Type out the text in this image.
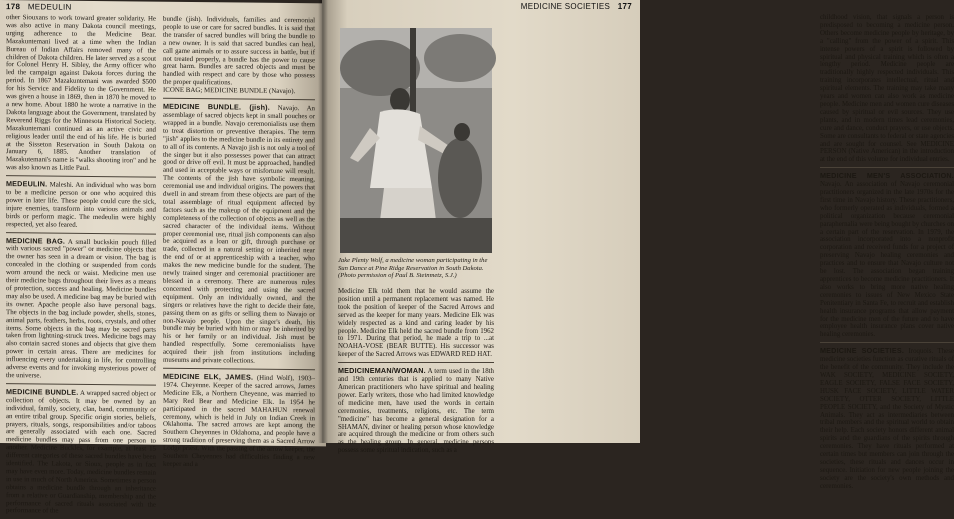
178 MEDEULIN

other Siouxans to work toward greater solidarity. He was also active in many Dakota council meetings, urging adherence to the Medicine Bear. Mazakuntemani lived at a time when the Indian Bureau of Indian Affairs removed many of the children of Dakota children. He later served as a scout for Colonel Henry H. Sibley, the Army officer who led the campaign against Dakota forces during the period. In 1867 Mazakuntemani was awarded $500 for his Service and Fidelity to the Government. He was given a house in 1869, then in 1870 he moved to a new home. About 1880 he wrote a narrative in the Dakota language about the Government, translated by Reverend Riggs for the Minnesota Historical Society. Mazakuntemani continued as an active civic and religious leader until the end of his life. He is buried at the Sisseton Reservation in South Dakota on January 6, 1885. Another translation of Mazakutemani's name is "walks shooting iron" and he was also known as Little Paul.

MEDEULIN. Maleshi. An individual who was born to be a medicine person or one who acquired this power in later life. These people could cure the sick, injure enemies, transform into various animals and birds or perform magic. The medeulin were highly respected, yet also feared.

MEDICINE BAG. A small buckskin pouch filled with various sacred "power" or medicine objects that the owner has seen in a dream or vision. The bag is concealed in the clothing or suspended from cords worn around the neck or waist. Medicine men use their medicine bags throughout their lives as a means of protection, success and healing. Medicine bundles may also be used. A medicine bag may be buried with its owner. Apache people also have personal bags. The objects in the bag include powder, shells, stones, animal parts, feathers, herbs, roots, crystals, and other items. Some objects in the bag may be sacred parts taken from lightning-struck trees. Medicine bags may also contain sacred stones and objects that give them power in certain areas. There are medicines for influencing every undertaking in life, for controlling adverse events and for invoking mysterious power of the universe.

MEDICINE BUNDLE. A wrapped sacred object or collection of objects. It may be owned by an individual, family, society, clan, band, community or an entire tribal group. Specific origin stories, beliefs, prayers, rituals, songs, responsibilities and/or taboos are generally associated with each one. Sacred medicine bundles may pass from one person to another. Medicine Buckles, for example, at least 15 different categories of these sacred bundles have been identified. The Lakota, or Sioux, people as in fact may have even more. Today, medicine bundles remain in use in much of North America. Sometimes a person obtains a medicine bundle through an inheritance from a relative or Guardianship, membership and the performance of sacred rituals associated with the performance of the

bundle (jish). Individuals, families and ceremonial people to use or care for sacred bundles. It is said that the transfer of sacred bundles will bring the bundle to a new owner. It is said that sacred bundles can heal, call game animals or to assure success in battle, but if not treated properly, a bundle has the power to cause great harm. Bundles are sacred objects and must be handled with respect and care by those who possess the proper qualifications.

ICONE BAG; MEDICINE BUNDLE (Navajo).

MEDICINE BUNDLE. (jish). Navajo. An assemblage of sacred objects kept in small pouches or wrapped in a bundle. Navajo ceremonialists use them to treat distortion or preventive therapies. The term "jish" applies to the medicine bundle in its entirety and to all of its contents. A Navajo jish is not only a tool of the singer but it also possesses power that can attract good or drive off evil. It must be approached, handled and used in acceptable ways or misfortune will result. The contents of the jish have symbolic meaning, ceremonial use and individual origins. The powers that dwell in and stream from these objects are part of the total assemblage of ritual equipment affected by factors such as the makeup of the equipment and the completeness of the collection of objects as well as the sacred character of the individual items. Without proper ceremonial use, ritual jish components can also be acquired as a loan or gift, through purchase or trade, collected in a natural setting or inherited near the end of or at apprenticeship with a teacher, who makes the new medicine bundle for the student. The newly trained singer and ceremonial practitioner are blessed in a ceremony. There are numerous rules concerned with protecting and using the sacred equipment. Only an individually owned, and the singers or relatives have the right to decide their fate, passing them on as gifts or selling them to Navajo or non-Navajo people. Upon the singer's death, his bundle may be buried with him or may be inherited by his or her family or an individual. Jish must be handled respectfully. Some ceremonialists have acquired their jish from institutions including museums and private collections.

MEDICINE ELK, JAMES. (Hind Wolf), 1903–1974. Cheyenne. Keeper of the sacred arrows, James Medicine Elk, a Northern Cheyenne, was married to Mary Red Bear and Medicine Elk. In 1954 he participated in the sacred MAHAHUN renewal ceremony, which is held in July on Indian Creek in Oklahoma. The sacred arrows are kept among the Southern Cheyennes in Oklahoma, and people have a strong tradition of preserving them as a Sacred Arrow Lodge priest. With the passing of the arrow keeper, the Southern Cheyennes had difficulties finding a new keeper and a

MEDICINE SOCIETIES 177

childhood vision, that signals a person is predisposed to becoming a medicine person. Others become medicine people by heritage, by a "calling" from the power of a spirit. This intense powers of a spirit is followed by spiritual and physical training which is often a lengthy period. Medicine people are traditionally highly respected individuals. This training incorporates intellectual, ritual and spiritual elements. The training may take many years and women can also work as medicine people. Medicine men and women cure diseases caused by spiritual or evil sources. They use plants, and in modern times lead ceremonies, cure and dance, conduct prayers, or use objects. Some are consultants to federal or state agencies and are sought for counsel. See MEDICINE PERSON (Native American) in the introduction at the end of this volume for individual entries.

MEDICINE MEN'S ASSOCIATION. Navajo. An association of Navajo ceremonial practitioners organized in the late 1970s for the first time in Navajo history. These practitioners, who formerly operated as individuals, formed a political organization because ceremonial paraphernalia were being bought by churches on a certain part of the reservation. In 1979, the association incorporated into a nonprofit corporation and received funds for a project of preserving Navajo healing ceremonies and practices and to ensure that Navajo culture not be lost. The association began training apprentices to become medicine practitioners. It also works to bring more native healing ceremonies to issues of New Mexico State Penitentiary in Santa Fe, to recruit and establish health insurance programs that allow payment for the medicine men of the future and to have employee health insurance plans cover native healing ceremonies.

MEDICINE SOCIETIES. Iroquois. These medicine societies function as curative rituals of the benefit of the community. They include the WAK SOCIETY, MEDICINE SOCIETY, EAGLE SOCIETY, FALSE FACE SOCIETY, HUSK FACE SOCIETY, LITTLE WATER SOCIETY, OTTER SOCIETY, LITTLE PEOPLE SOCIETY, and the Society of Mystic Animals. They act as intermediaries between tribal members and the spiritual world to obtain their help. Each society honors different animal spirits and the guardians of the spirits through ceremonies. They have rituals performed at certain times but members can join through the societies, these rituals and dances occur in sequence. Initiation for new people joining the society are the society's own methods and ceremonies.

Jake Plenty Wolf, a medicine woman participating in the Sun Dance at Pine Ridge Reservation in South Dakota. (Photo permission of Paul B. Steinmetz, S.J.)

Medicine Elk told them that he would assume the position until a permanent replacement was named. He took the position of keeper of the Sacred Arrows and served as the keeper for many years. Medicine Elk was widely respected as a kind and caring leader by his people. Medicine Elk held the sacred bundle from 1962 to 1971. During that period, he made a trip to ...at NOAHA-VOSE (BEAR BUTTE). His successor was keeper of the Sacred Arrows was EDWARD RED HAT.

MEDICINEMAN/WOMAN. A term used in the 18th and 19th centuries that is applied to many Native American practitioners who have spiritual and healing power. Early writers, those who had limited knowledge of medicine men, have used the words in certain ceremonies, treatments, religions, etc. The term "medicine" has become a general designation for a SHAMAN, diviner or healing person whose knowledge are acquired through the medicine or from others such as the healing group. In general, medicine persons possess some spiritual indication, such as a
